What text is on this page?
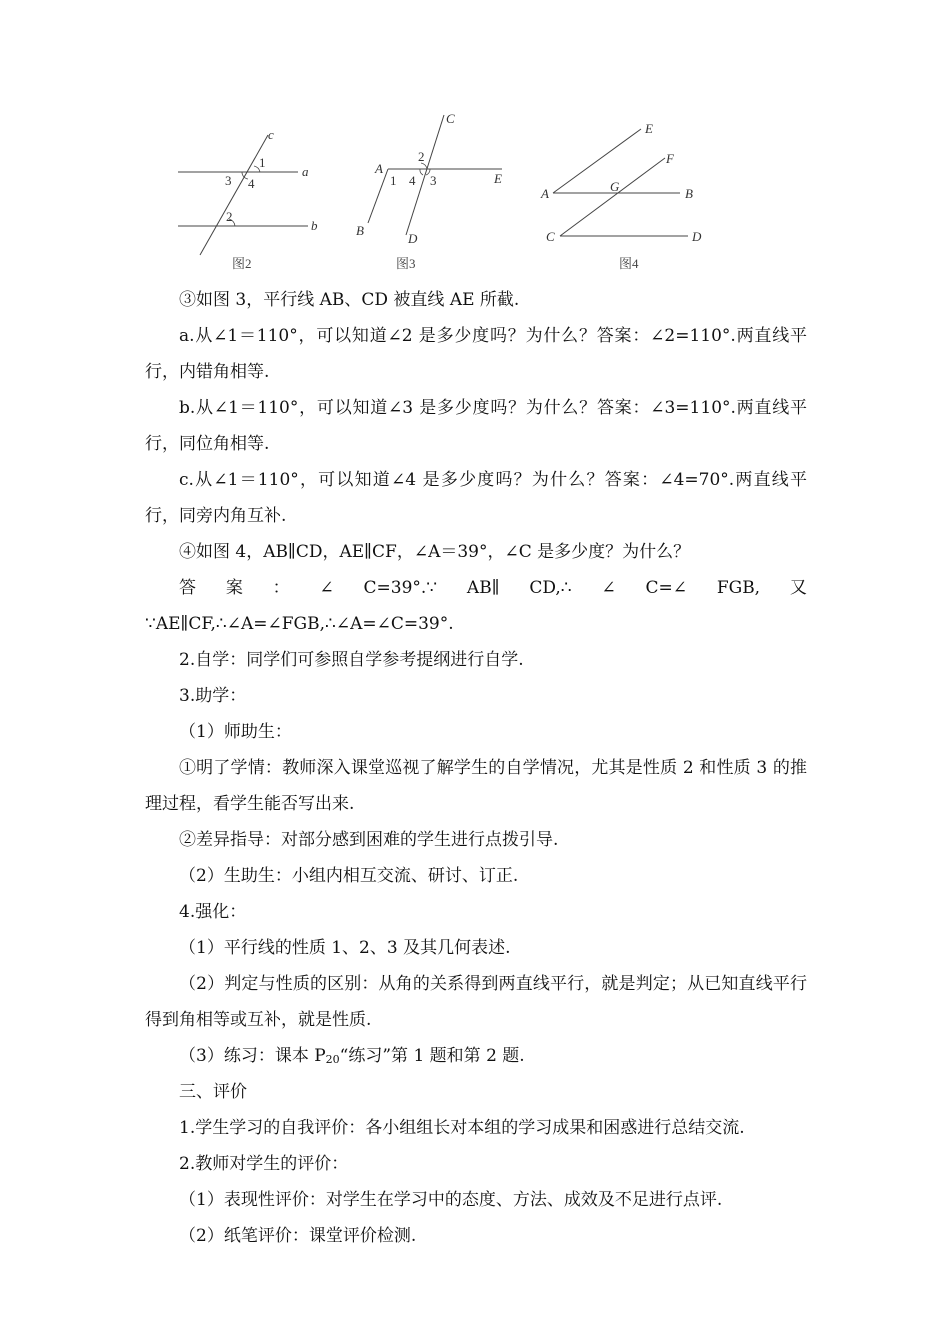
c
a
b
1
3 4
2
图2
C
A
E
B
D
1
2
4 3
图3
E
F
A	G	B
C	D
图4

③如图 3，平行线 AB、CD 被直线 AE 所截.

a.从∠1＝110°，可以知道∠2 是多少度吗？为什么？答案：∠2=110°.两直线平行，内错角相等.

b.从∠1＝110°，可以知道∠3 是多少度吗？为什么？答案：∠3=110°.两直线平行，同位角相等.

c.从∠1＝110°，可以知道∠4 是多少度吗？为什么？答案：∠4=70°.两直线平行，同旁内角互补.

④如图 4，AB∥CD，AE∥CF，∠A＝39°，∠C 是多少度？为什么？

答 案 ： ∠ C=39°.∵ AB∥ CD,∴ ∠ C=∠ FGB, 又

∵AE∥CF,∴∠A=∠FGB,∴∠A=∠C=39°.

2.自学：同学们可参照自学参考提纲进行自学.

3.助学：

（1）师助生：

①明了学情：教师深入课堂巡视了解学生的自学情况，尤其是性质 2 和性质 3 的推理过程，看学生能否写出来.

②差异指导：对部分感到困难的学生进行点拨引导.

（2）生助生：小组内相互交流、研讨、订正.

4.强化：

（1）平行线的性质 1、2、3 及其几何表述.

（2）判定与性质的区别：从角的关系得到两直线平行，就是判定；从已知直线平行得到角相等或互补，就是性质.

（3）练习：课本 $P_{20}“$练习”第 1 题和第 2 题.

三、评价

1.学生学习的自我评价：各小组组长对本组的学习成果和困惑进行总结交流.

2.教师对学生的评价：

（1）表现性评价：对学生在学习中的态度、方法、成效及不足进行点评.

（2）纸笔评价：课堂评价检测.
